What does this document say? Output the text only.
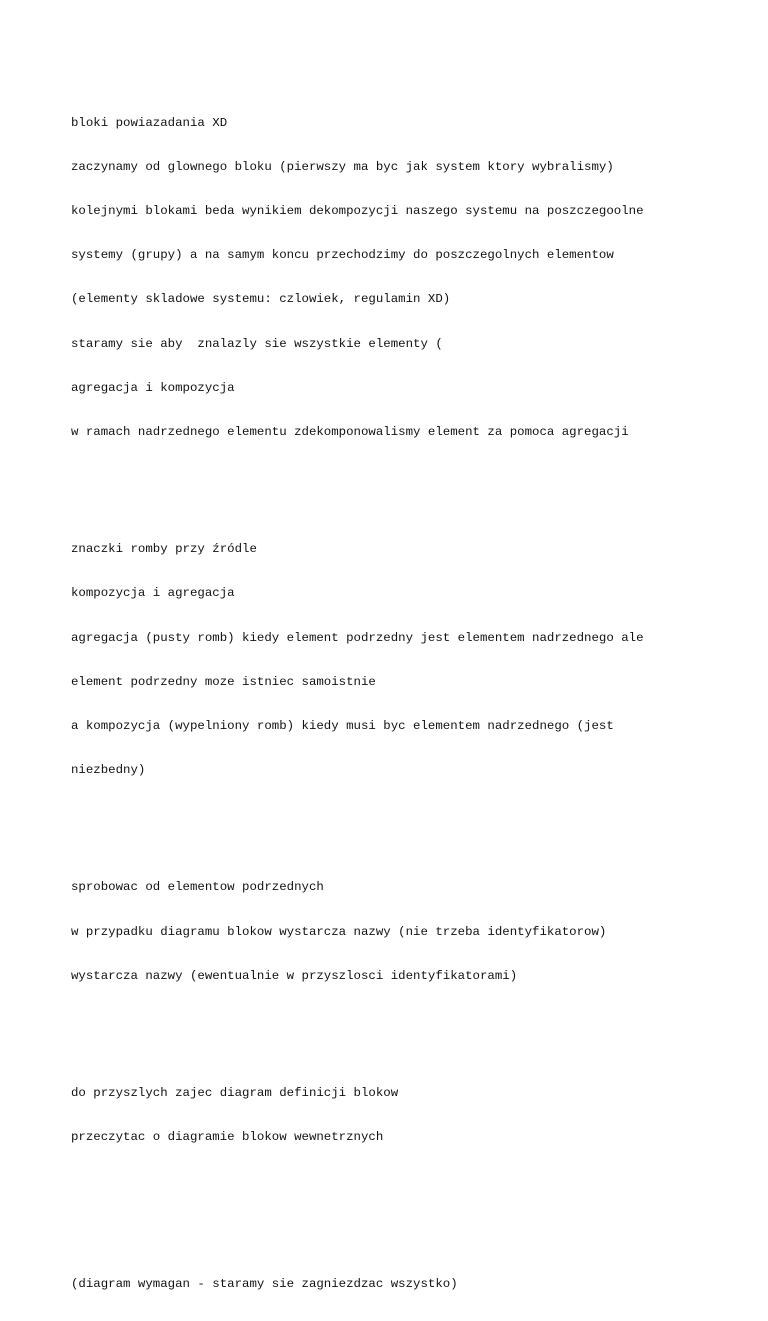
bloki powiazadania XD

zaczynamy od glownego bloku (pierwszy ma byc jak system ktory wybralismy)

kolejnymi blokami beda wynikiem dekompozycji naszego systemu na poszczegoolne

systemy (grupy) a na samym koncu przechodzimy do poszczegolnych elementow

(elementy skladowe systemu: czlowiek, regulamin XD)

staramy sie aby  znalazly sie wszystkie elementy (

agregacja i kompozycja

w ramach nadrzednego elementu zdekomponowalismy element za pomoca agregacji

znaczki romby przy źródle

kompozycja i agregacja

agregacja (pusty romb) kiedy element podrzedny jest elementem nadrzednego ale

element podrzedny moze istniec samoistnie

a kompozycja (wypelniony romb) kiedy musi byc elementem nadrzednego (jest

niezbedny)

sprobowac od elementow podrzednych

w przypadku diagramu blokow wystarcza nazwy (nie trzeba identyfikatorow)

wystarcza nazwy (ewentualnie w przyszlosci identyfikatorami)

do przyszlych zajec diagram definicji blokow

przeczytac o diagramie blokow wewnetrznych

(diagram wymagan - staramy sie zagniezdzac wszystko)
